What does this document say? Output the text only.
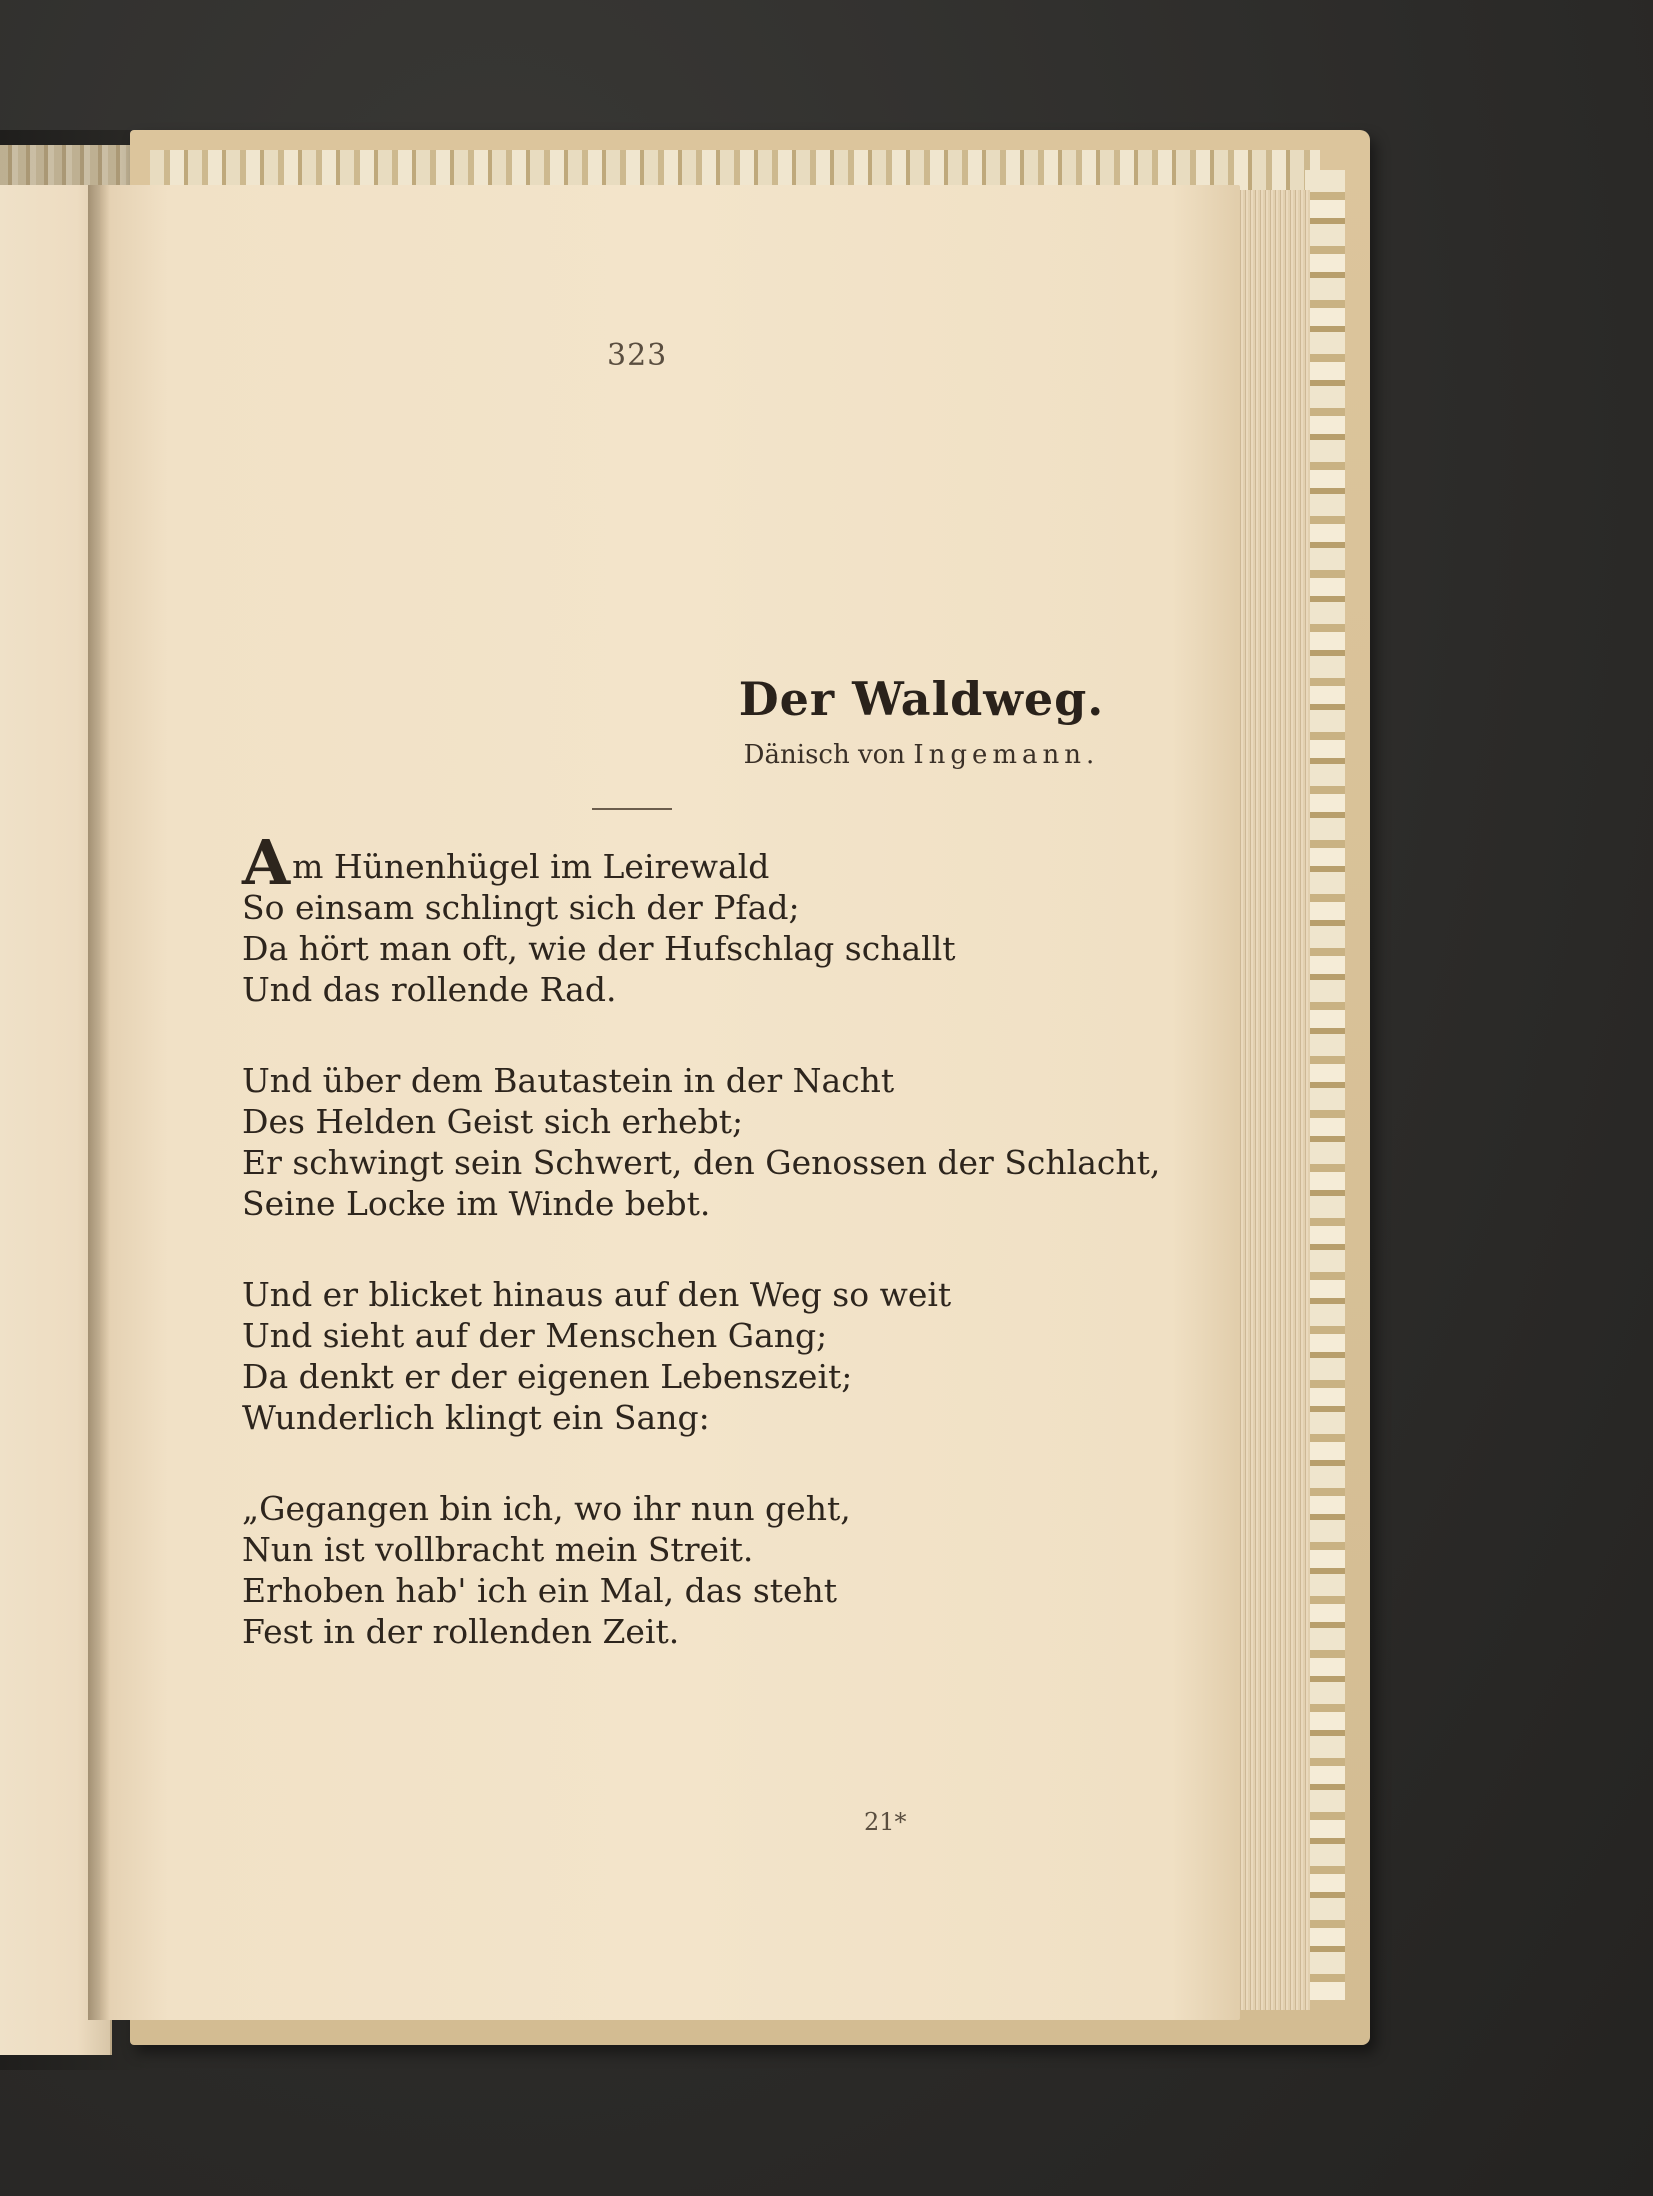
323
Der Waldweg.
Dänisch von Ingemann.
Am Hünenhügel im Leirewald
So einsam schlingt sich der Pfad;
Da hört man oft, wie der Hufschlag schallt
Und das rollende Rad.
Und über dem Bautastein in der Nacht
Des Helden Geist sich erhebt;
Er schwingt sein Schwert, den Genossen der Schlacht,
Seine Locke im Winde bebt.
Und er blicket hinaus auf den Weg so weit
Und sieht auf der Menschen Gang;
Da denkt er der eigenen Lebenszeit;
Wunderlich klingt ein Sang:
„Gegangen bin ich, wo ihr nun geht,
Nun ist vollbracht mein Streit.
Erhoben hab' ich ein Mal, das steht
Fest in der rollenden Zeit.
21*
